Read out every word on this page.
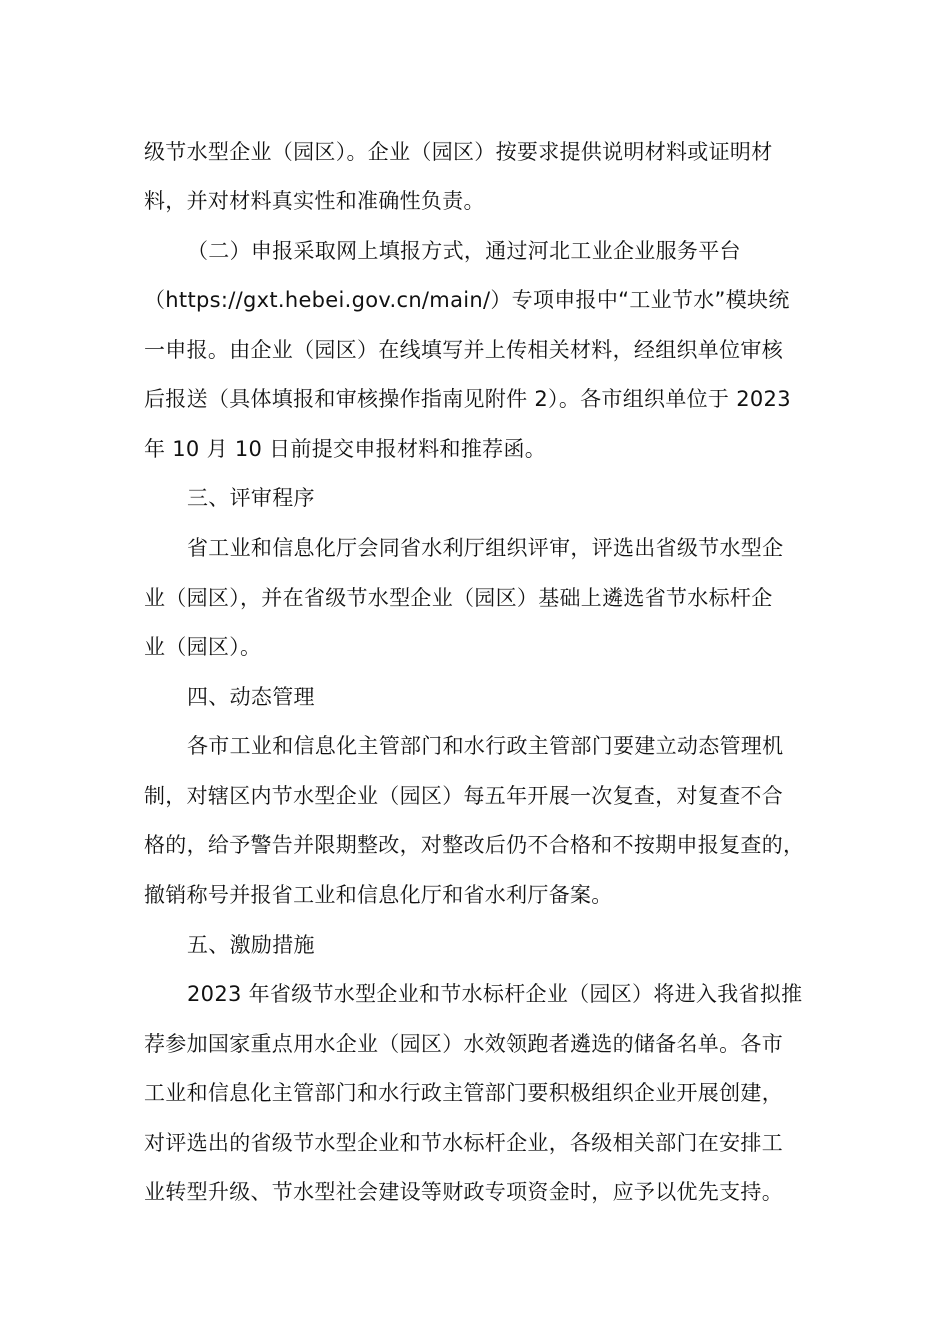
级节水型企业（园区）。企业（园区）按要求提供说明材料或证明材
料，并对材料真实性和准确性负责。
（二）申报采取网上填报方式，通过河北工业企业服务平台
（https://gxt.hebei.gov.cn/main/）专项申报中“工业节水”模块统
一申报。由企业（园区）在线填写并上传相关材料，经组织单位审核
后报送（具体填报和审核操作指南见附件 2）。各市组织单位于 2023
年 10 月 10 日前提交申报材料和推荐函。
三、评审程序
省工业和信息化厅会同省水利厅组织评审，评选出省级节水型企
业（园区），并在省级节水型企业（园区）基础上遴选省节水标杆企
业（园区）。
四、动态管理
各市工业和信息化主管部门和水行政主管部门要建立动态管理机
制，对辖区内节水型企业（园区）每五年开展一次复查，对复查不合
格的，给予警告并限期整改，对整改后仍不合格和不按期申报复查的，
撤销称号并报省工业和信息化厅和省水利厅备案。
五、激励措施
2023 年省级节水型企业和节水标杆企业（园区）将进入我省拟推
荐参加国家重点用水企业（园区）水效领跑者遴选的储备名单。各市
工业和信息化主管部门和水行政主管部门要积极组织企业开展创建，
对评选出的省级节水型企业和节水标杆企业，各级相关部门在安排工
业转型升级、节水型社会建设等财政专项资金时，应予以优先支持。
